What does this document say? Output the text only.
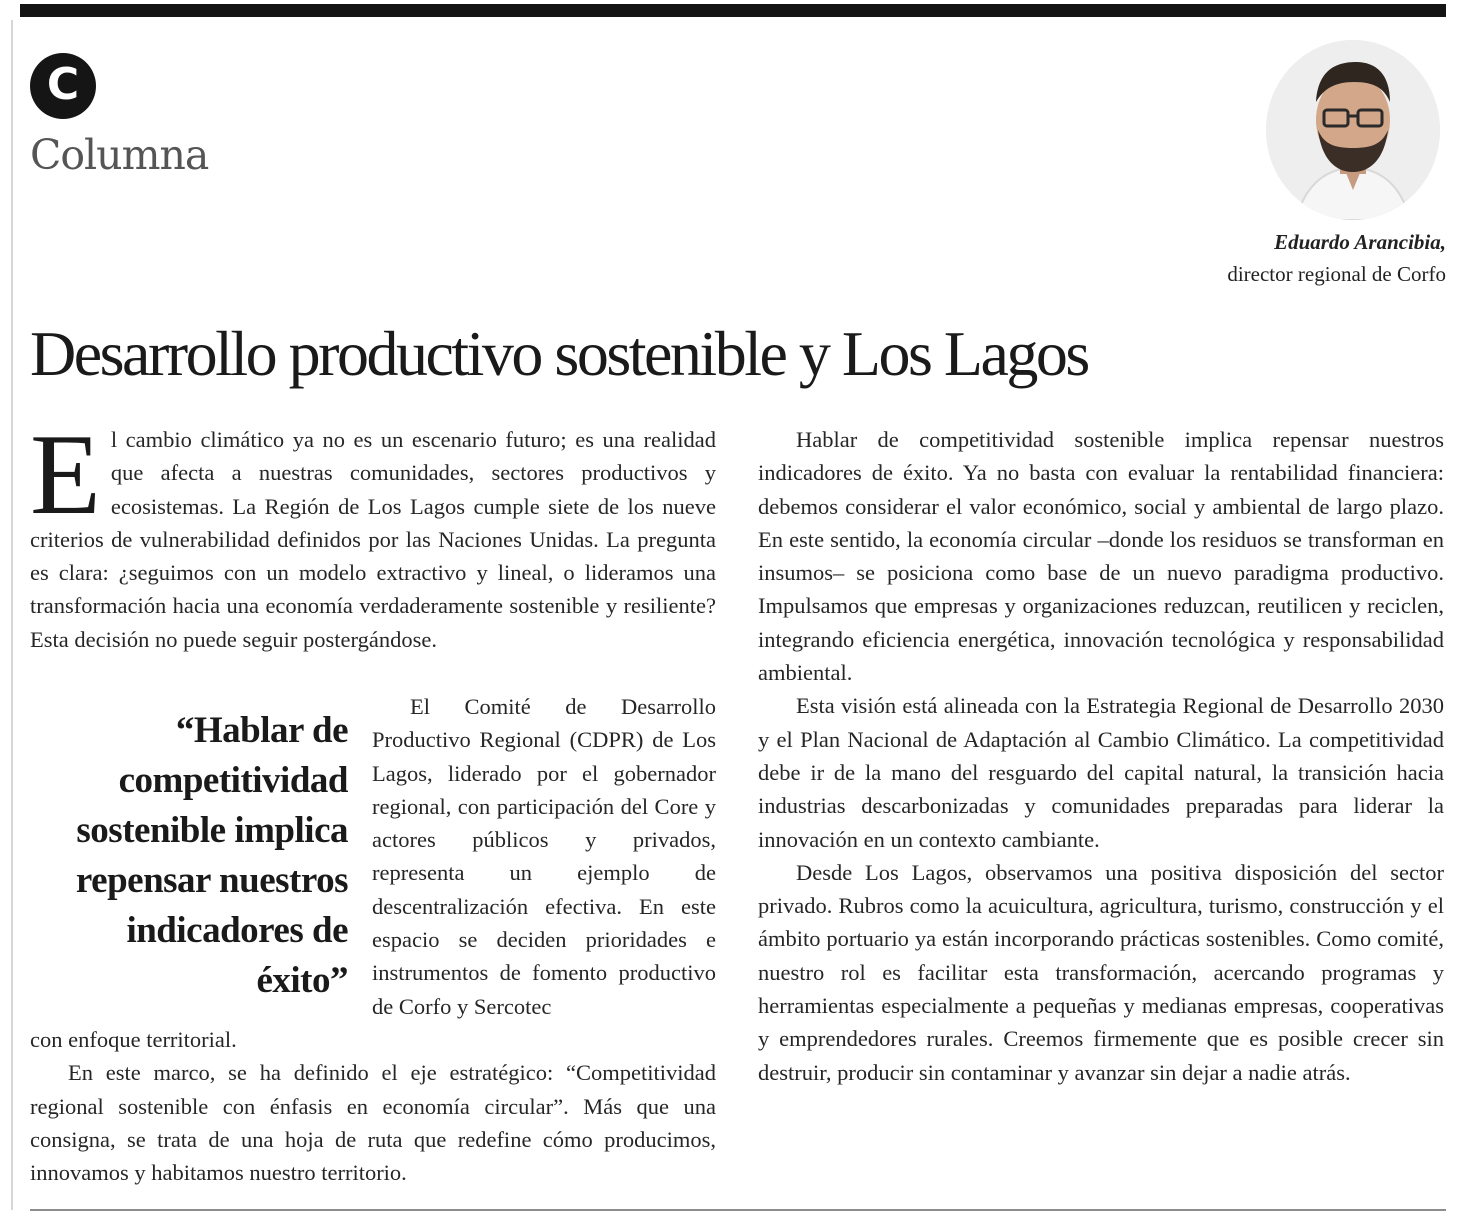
C
Columna
Eduardo Arancibia,
director regional de Corfo
Desarrollo productivo sostenible y Los Lagos

El cambio climático ya no es un escenario futuro; es una realidad que afecta a nuestras comunidades, sectores productivos y ecosistemas. La Región de Los Lagos cumple siete de los nueve criterios de vulnerabilidad definidos por las Naciones Unidas. La pregunta es clara: ¿seguimos con un modelo extractivo y lineal, o lideramos una transformación hacia una economía verdaderamente sostenible y resiliente? Esta decisión no puede seguir postergándose.

“Hablar de competitividad sostenible implica repensar nuestros indicadores de éxito”

El Comité de Desarrollo Productivo Regional (CDPR) de Los Lagos, liderado por el gobernador regional, con participación del Core y actores públicos y privados, representa un ejemplo de descentralización efectiva. En este espacio se deciden prioridades e instrumentos de fomento productivo de Corfo y Sercotec

con enfoque territorial.

En este marco, se ha definido el eje estratégico: “Competitividad regional sostenible con énfasis en economía circular”. Más que una consigna, se trata de una hoja de ruta que redefine cómo producimos, innovamos y habitamos nuestro territorio.

Hablar de competitividad sostenible implica repensar nuestros indicadores de éxito. Ya no basta con evaluar la rentabilidad financiera: debemos considerar el valor económico, social y ambiental de largo plazo. En este sentido, la economía circular –donde los residuos se transforman en insumos– se posiciona como base de un nuevo paradigma productivo. Impulsamos que empresas y organizaciones reduzcan, reutilicen y reciclen, integrando eficiencia energética, innovación tecnológica y responsabilidad ambiental.

Esta visión está alineada con la Estrategia Regional de Desarrollo 2030 y el Plan Nacional de Adaptación al Cambio Climático. La competitividad debe ir de la mano del resguardo del capital natural, la transición hacia industrias descarbonizadas y comunidades preparadas para liderar la innovación en un contexto cambiante.

Desde Los Lagos, observamos una positiva disposición del sector privado. Rubros como la acuicultura, agricultura, turismo, construcción y el ámbito portuario ya están incorporando prácticas sostenibles. Como comité, nuestro rol es facilitar esta transformación, acercando programas y herramientas especialmente a pequeñas y medianas empresas, cooperativas y emprendedores rurales. Creemos firmemente que es posible crecer sin destruir, producir sin contaminar y avanzar sin dejar a nadie atrás.
